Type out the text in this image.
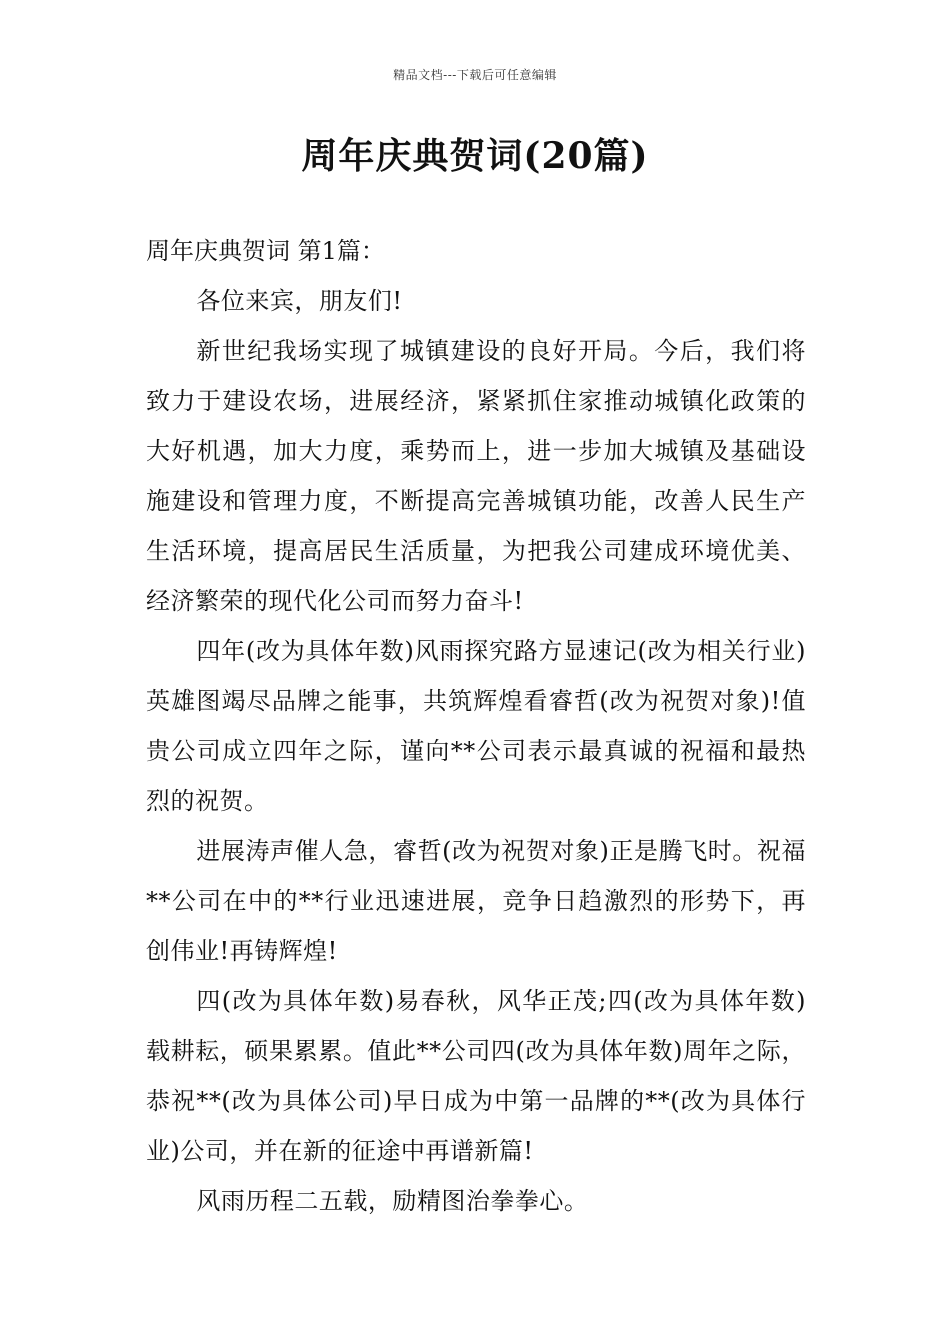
精品文档---下载后可任意编辑
周年庆典贺词(20篇)
周年庆典贺词 第1篇：

各位来宾，朋友们!

新世纪我场实现了城镇建设的良好开局。今后，我们将致力于建设农场，进展经济，紧紧抓住家推动城镇化政策的大好机遇，加大力度，乘势而上，进一步加大城镇及基础设施建设和管理力度，不断提高完善城镇功能，改善人民生产生活环境，提高居民生活质量，为把我公司建成环境优美、经济繁荣的现代化公司而努力奋斗!

四年(改为具体年数)风雨探究路方显速记(改为相关行业)英雄图竭尽品牌之能事，共筑辉煌看睿哲(改为祝贺对象)!值贵公司成立四年之际，谨向**公司表示最真诚的祝福和最热烈的祝贺。

进展涛声催人急，睿哲(改为祝贺对象)正是腾飞时。祝福**公司在中的**行业迅速进展，竞争日趋激烈的形势下，再创伟业!再铸辉煌!

四(改为具体年数)易春秋，风华正茂;四(改为具体年数)载耕耘，硕果累累。值此**公司四(改为具体年数)周年之际，恭祝**(改为具体公司)早日成为中第一品牌的**(改为具体行业)公司，并在新的征途中再谱新篇!

风雨历程二五载，励精图治拳拳心。
